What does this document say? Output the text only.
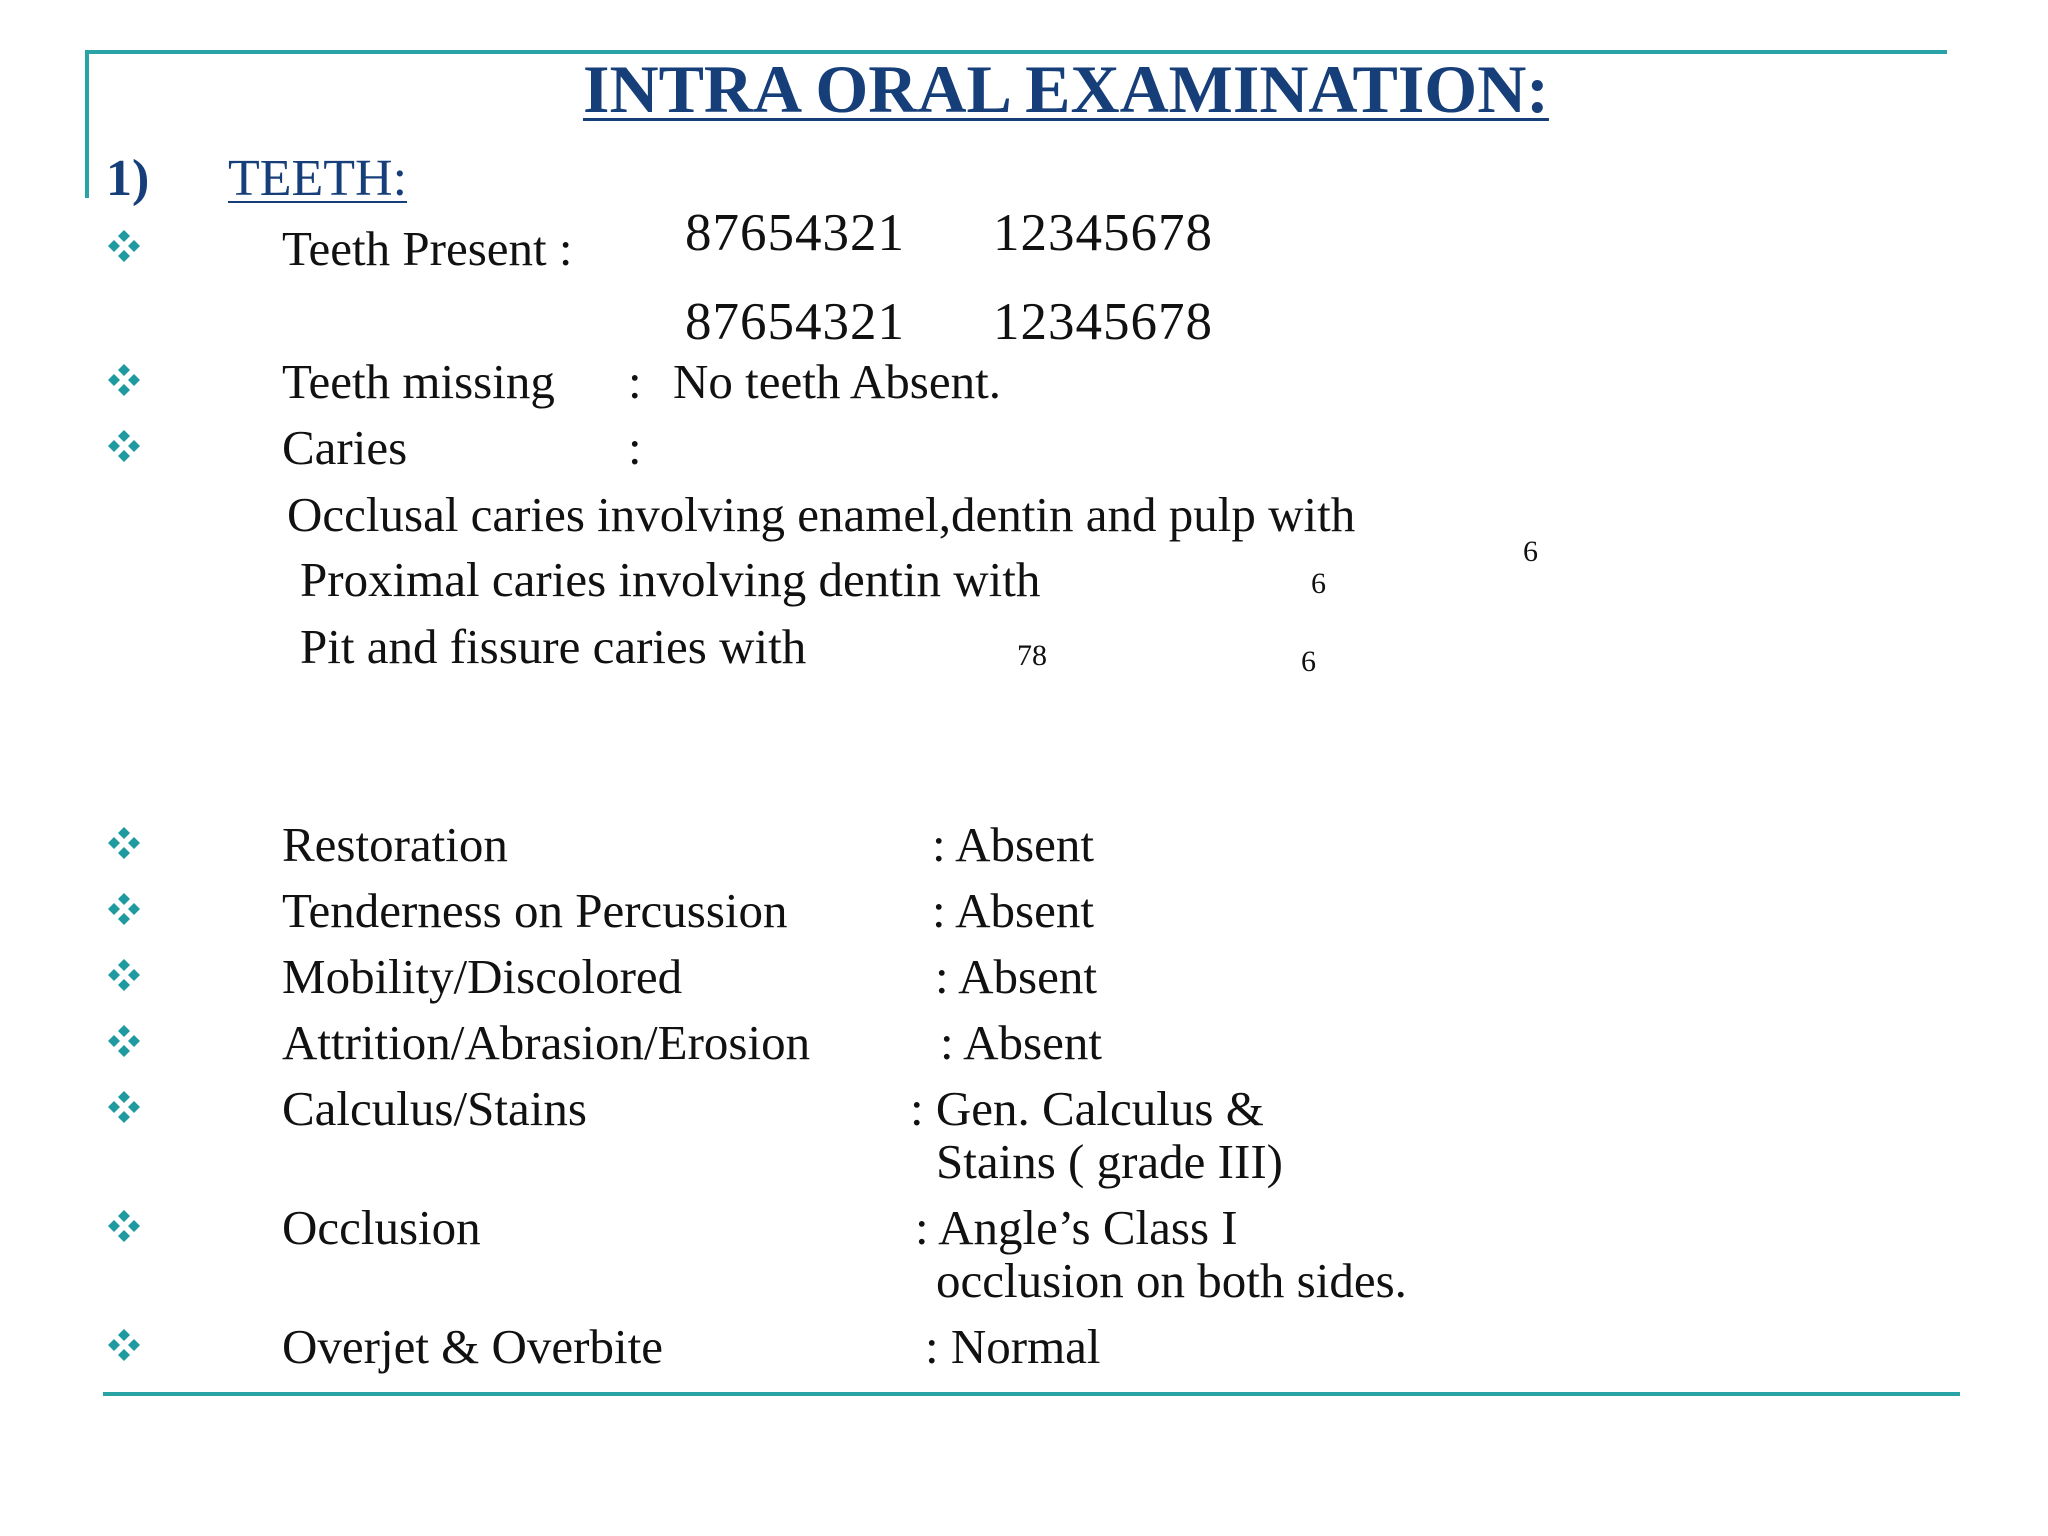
INTRA ORAL EXAMINATION:
1) TEETH:
Teeth Present : 87654321 12345678
87654321 12345678
Teeth missing : No teeth Absent.
Caries	:
Occlusal caries involving enamel,dentin and pulp with
6
Proximal caries involving dentin with	6
Pit and fissure caries with	78	6
Restoration	: Absent
Tenderness on Percussion	: Absent
Mobility/Discolored	: Absent
Attrition/Abrasion/Erosion	: Absent
Calculus/Stains	: Gen. Calculus &
Stains ( grade III)
Occlusion	: Angle’s Class I
occlusion on both sides.
Overjet & Overbite	: Normal
